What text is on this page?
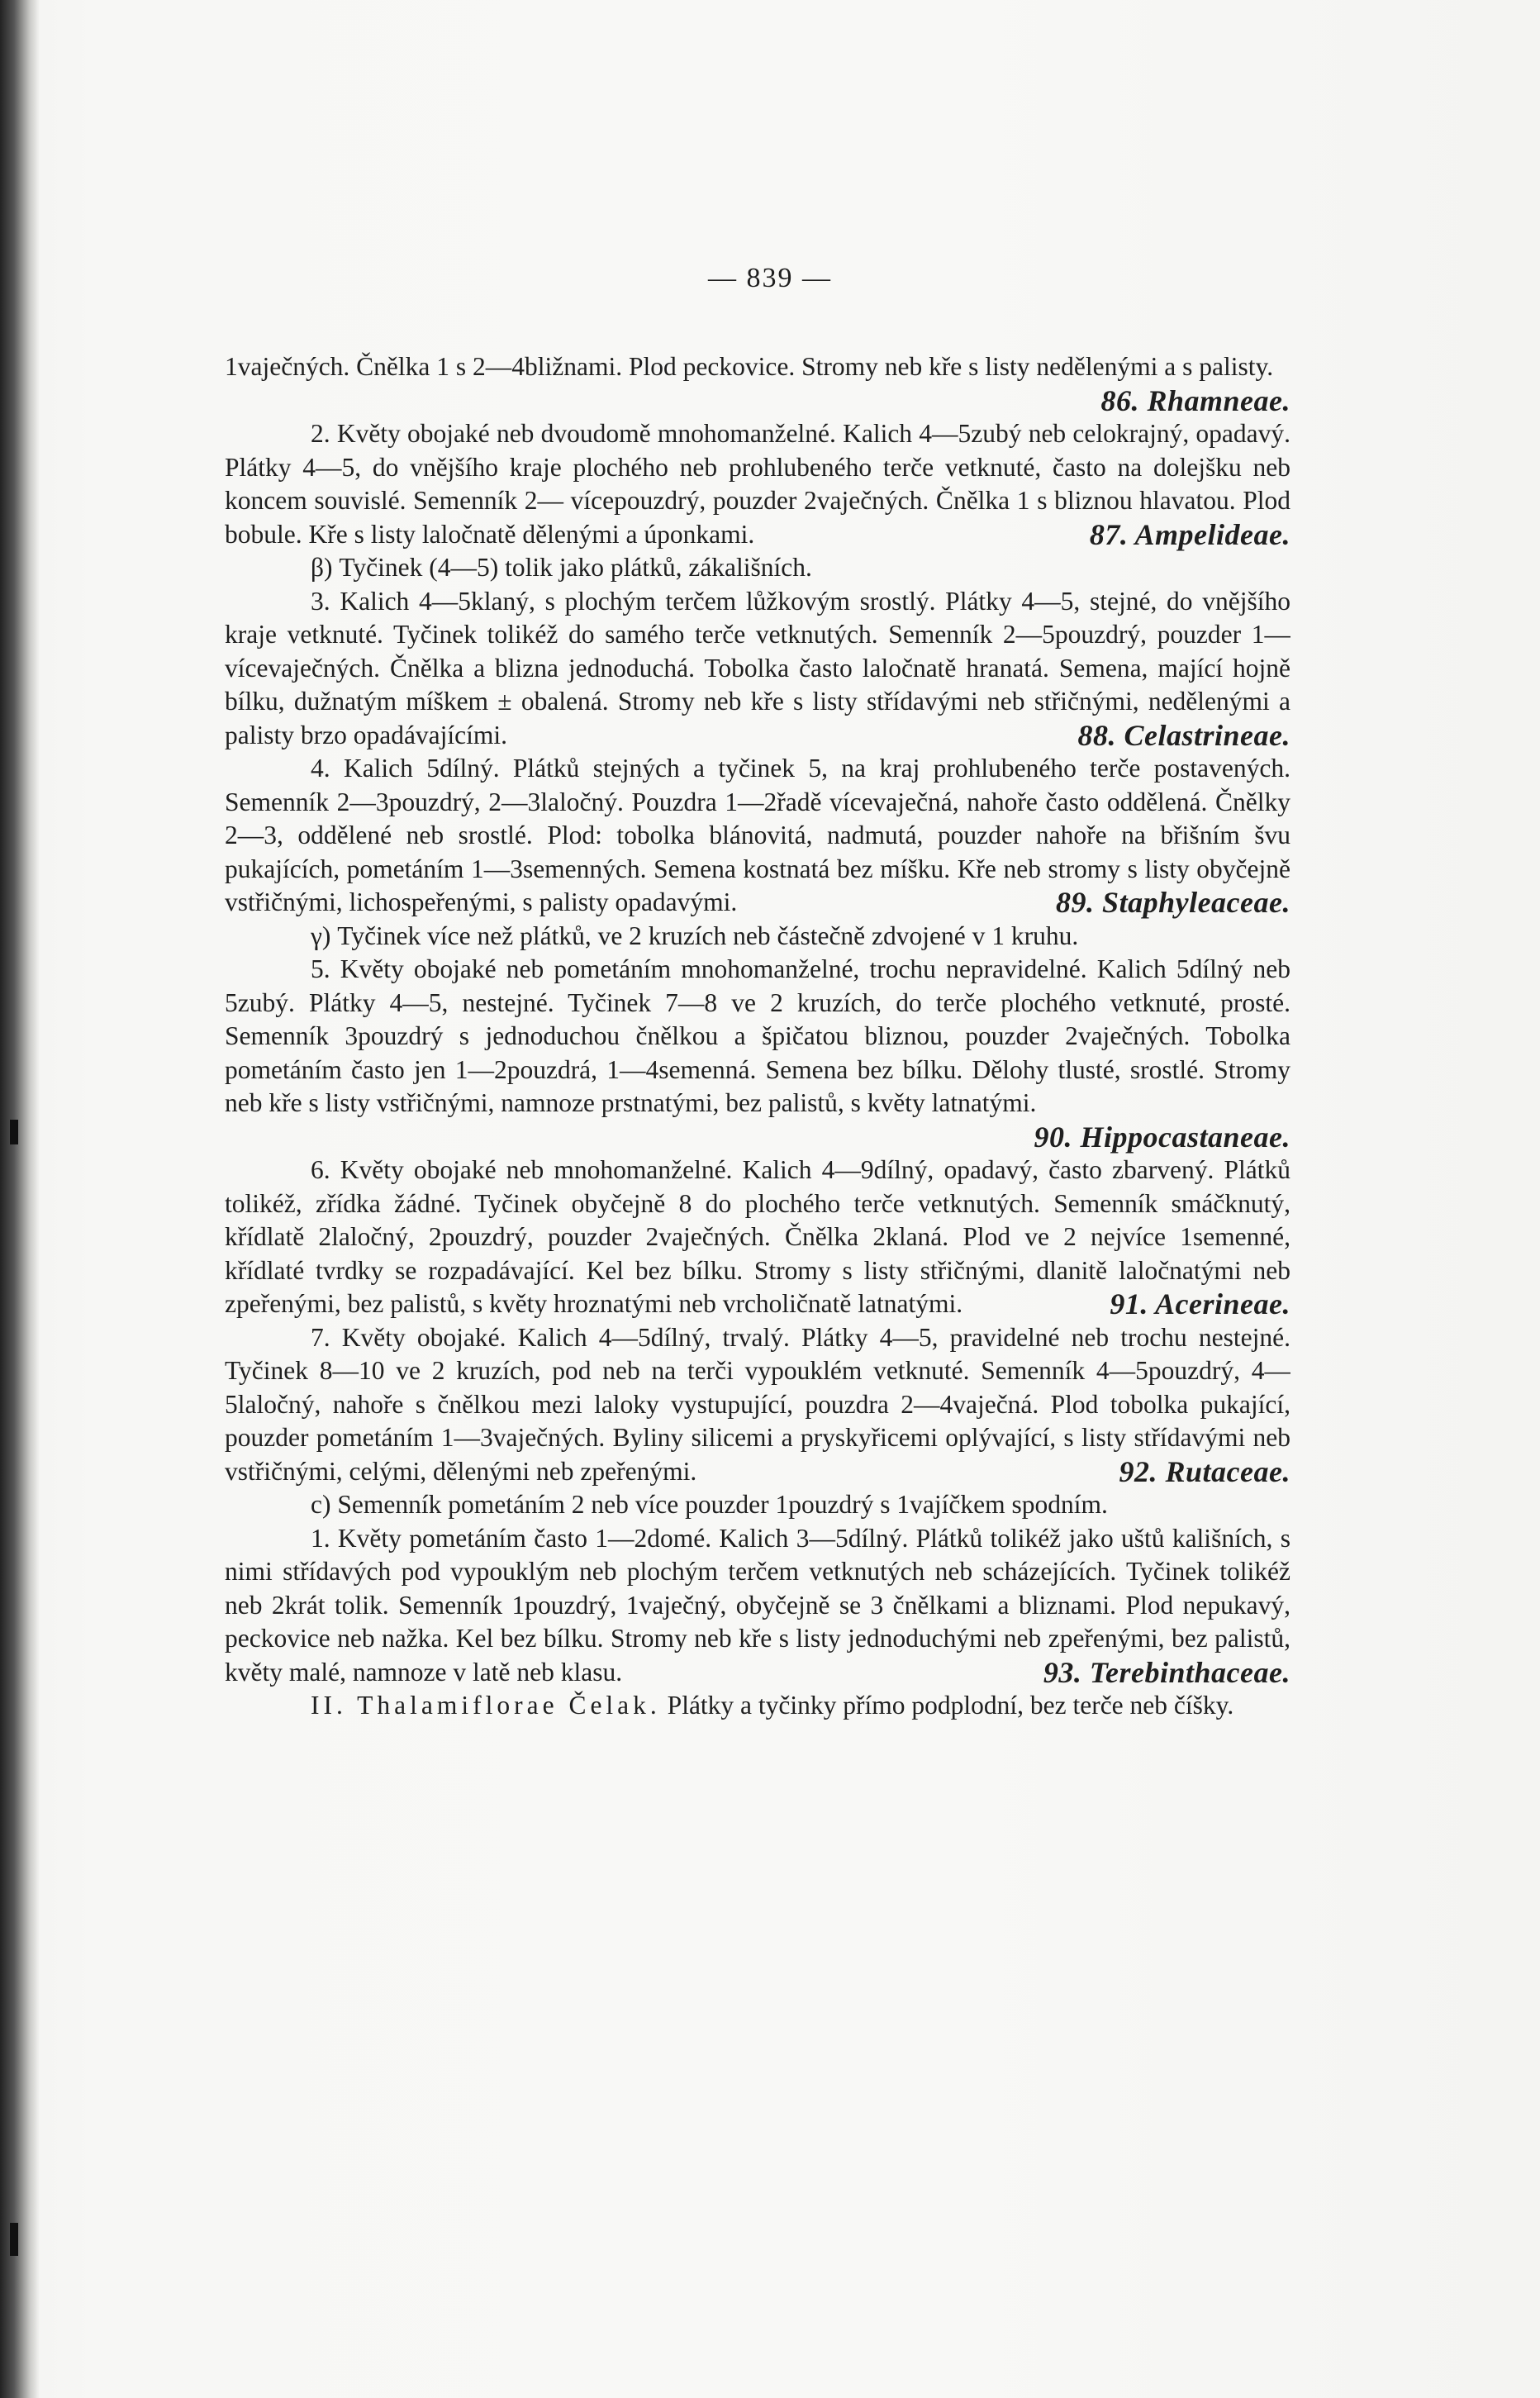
— 839 —

1vaječných. Čnělka 1 s 2—4bližnami. Plod peckovice. Stromy neb kře s listy nedělenými a s palisty.
86. Rhamneae.

2. Květy obojaké neb dvoudomě mnohomanželné. Kalich 4—5zubý neb celokrajný, opadavý. Plátky 4—5, do vnějšího kraje plochého neb prohlubeného terče vetknuté, často na dolejšku neb koncem souvislé. Semenník 2— vícepouzdrý, pouzder 2vaječných. Čnělka 1 s bliznou hlavatou. Plod bobule. Kře s listy laločnatě dělenými a úponkami.	87. Ampelideae.

β) Tyčinek (4—5) tolik jako plátků, zákališních.

3. Kalich 4—5klaný, s plochým terčem lůžkovým srostlý. Plátky 4—5, stejné, do vnějšího kraje vetknuté. Tyčinek tolikéž do samého terče vetknutých. Semenník 2—5pouzdrý, pouzder 1— vícevaječných. Čnělka a blizna jednoduchá. Tobolka často laločnatě hranatá. Semena, mající hojně bílku, dužnatým míškem ± obalená. Stromy neb kře s listy střídavými neb střičnými, nedělenými a palisty brzo opadávajícími.	88. Celastrineae.

4. Kalich 5dílný. Plátků stejných a tyčinek 5, na kraj prohlubeného terče postavených. Semenník 2—3pouzdrý, 2—3laločný. Pouzdra 1—2řadě vícevaječná, nahoře často oddělená. Čnělky 2—3, oddělené neb srostlé. Plod: tobolka blánovitá, nadmutá, pouzder nahoře na břišním švu pukajících, pometáním 1—3semenných. Semena kostnatá bez míšku. Kře neb stromy s listy obyčejně vstřičnými, lichospeřenými, s palisty opadavými.	89. Staphyleaceae.

γ) Tyčinek více než plátků, ve 2 kruzích neb částečně zdvojené v 1 kruhu.

5. Květy obojaké neb pometáním mnohomanželné, trochu nepravidelné. Kalich 5dílný neb 5zubý. Plátky 4—5, nestejné. Tyčinek 7—8 ve 2 kruzích, do terče plochého vetknuté, prosté. Semenník 3pouzdrý s jednoduchou čnělkou a špičatou bliznou, pouzder 2vaječných. Tobolka pometáním často jen 1—2pouzdrá, 1—4semenná. Semena bez bílku. Dělohy tlusté, srostlé. Stromy neb kře s listy vstřičnými, namnoze prstnatými, bez palistů, s květy latnatými.
90. Hippocastaneae.

6. Květy obojaké neb mnohomanželné. Kalich 4—9dílný, opadavý, často zbarvený. Plátků tolikéž, zřídka žádné. Tyčinek obyčejně 8 do plochého terče vetknutých. Semenník smáčknutý, křídlatě 2laločný, 2pouzdrý, pouzder 2vaječných. Čnělka 2klaná. Plod ve 2 nejvíce 1semenné, křídlaté tvrdky se rozpadávající. Kel bez bílku. Stromy s listy střičnými, dlanitě laločnatými neb zpeřenými, bez palistů, s květy hroznatými neb vrcholičnatě latnatými.	91. Acerineae.

7. Květy obojaké. Kalich 4—5dílný, trvalý. Plátky 4—5, pravidelné neb trochu nestejné. Tyčinek 8—10 ve 2 kruzích, pod neb na terči vypouklém vetknuté. Semenník 4—5pouzdrý, 4—5laločný, nahoře s čnělkou mezi laloky vystupující, pouzdra 2—4vaječná. Plod tobolka pukající, pouzder pometáním 1—3vaječných. Byliny silicemi a pryskyřicemi oplývající, s listy střídavými neb vstřičnými, celými, dělenými neb zpeřenými.	92. Rutaceae.

c) Semenník pometáním 2 neb více pouzder 1pouzdrý s 1vajíčkem spodním.

1. Květy pometáním často 1—2domé. Kalich 3—5dílný. Plátků tolikéž jako uštů kališních, s nimi střídavých pod vypouklým neb plochým terčem vetknutých neb scházejících. Tyčinek tolikéž neb 2krát tolik. Semenník 1pouzdrý, 1vaječný, obyčejně se 3 čnělkami a bliznami. Plod nepukavý, peckovice neb nažka. Kel bez bílku. Stromy neb kře s listy jednoduchými neb zpeřenými, bez palistů, květy malé, namnoze v latě neb klasu.	93. Terebinthaceae.

II. Thalamiflorae Čelak. Plátky a tyčinky přímo podplodní, bez terče neb číšky.
